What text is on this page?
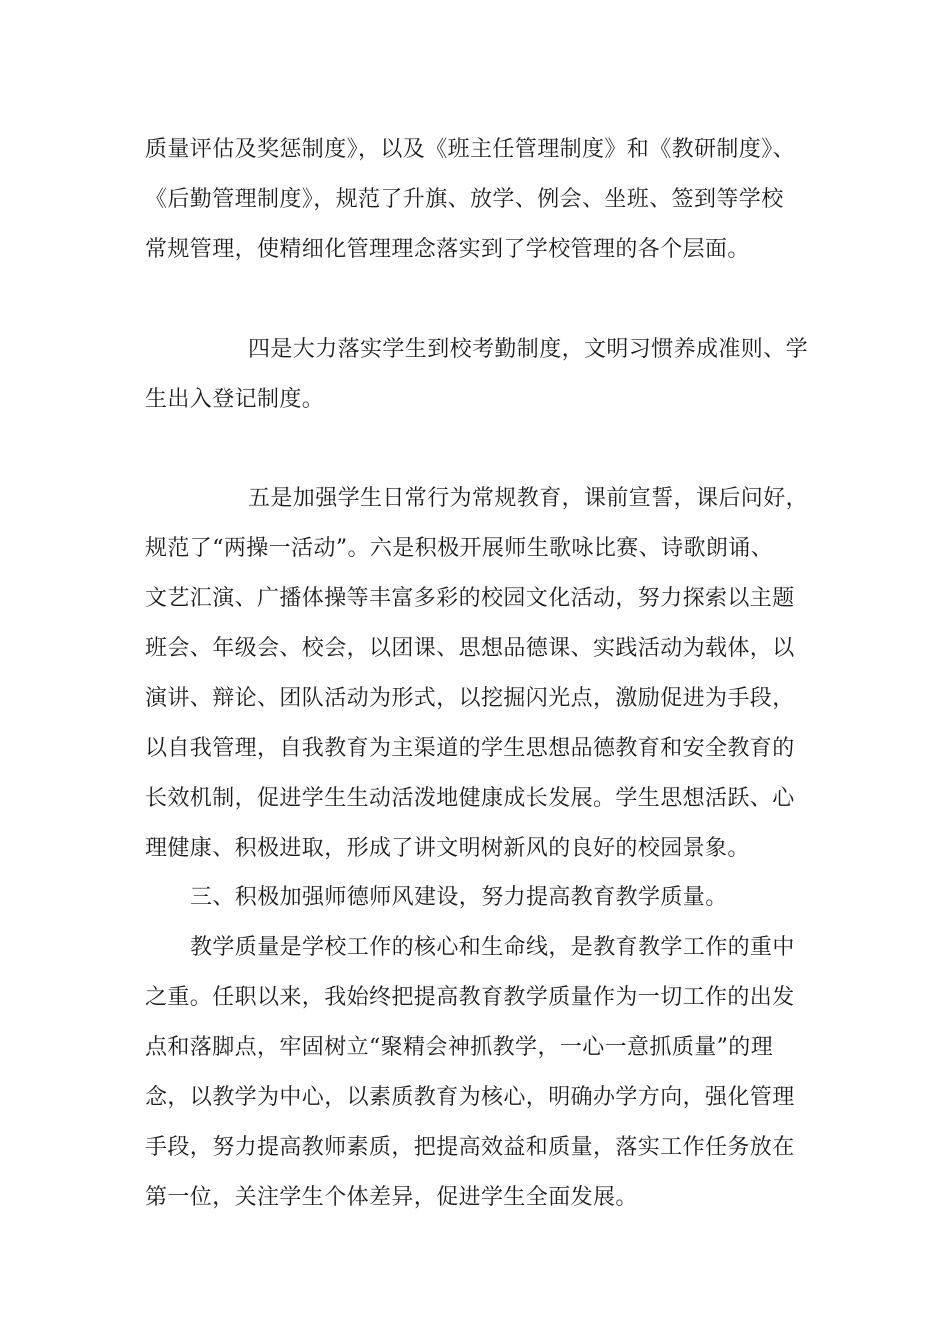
质量评估及奖惩制度》，以及《班主任管理制度》和《教研制度》、
《后勤管理制度》，规范了升旗、放学、例会、坐班、签到等学校
常规管理，使精细化管理理念落实到了学校管理的各个层面。
四是大力落实学生到校考勤制度，文明习惯养成准则、学
生出入登记制度。
五是加强学生日常行为常规教育，课前宣誓，课后问好，
规范了“两操一活动”。六是积极开展师生歌咏比赛、诗歌朗诵、
文艺汇演、广播体操等丰富多彩的校园文化活动，努力探索以主题
班会、年级会、校会，以团课、思想品德课、实践活动为载体，以
演讲、辩论、团队活动为形式，以挖掘闪光点，激励促进为手段，
以自我管理，自我教育为主渠道的学生思想品德教育和安全教育的
长效机制，促进学生生动活泼地健康成长发展。学生思想活跃、心
理健康、积极进取，形成了讲文明树新风的良好的校园景象。
三、积极加强师德师风建设，努力提高教育教学质量。
教学质量是学校工作的核心和生命线，是教育教学工作的重中
之重。任职以来，我始终把提高教育教学质量作为一切工作的出发
点和落脚点，牢固树立“聚精会神抓教学，一心一意抓质量”的理
念，以教学为中心，以素质教育为核心，明确办学方向，强化管理
手段，努力提高教师素质，把提高效益和质量，落实工作任务放在
第一位，关注学生个体差异，促进学生全面发展。
